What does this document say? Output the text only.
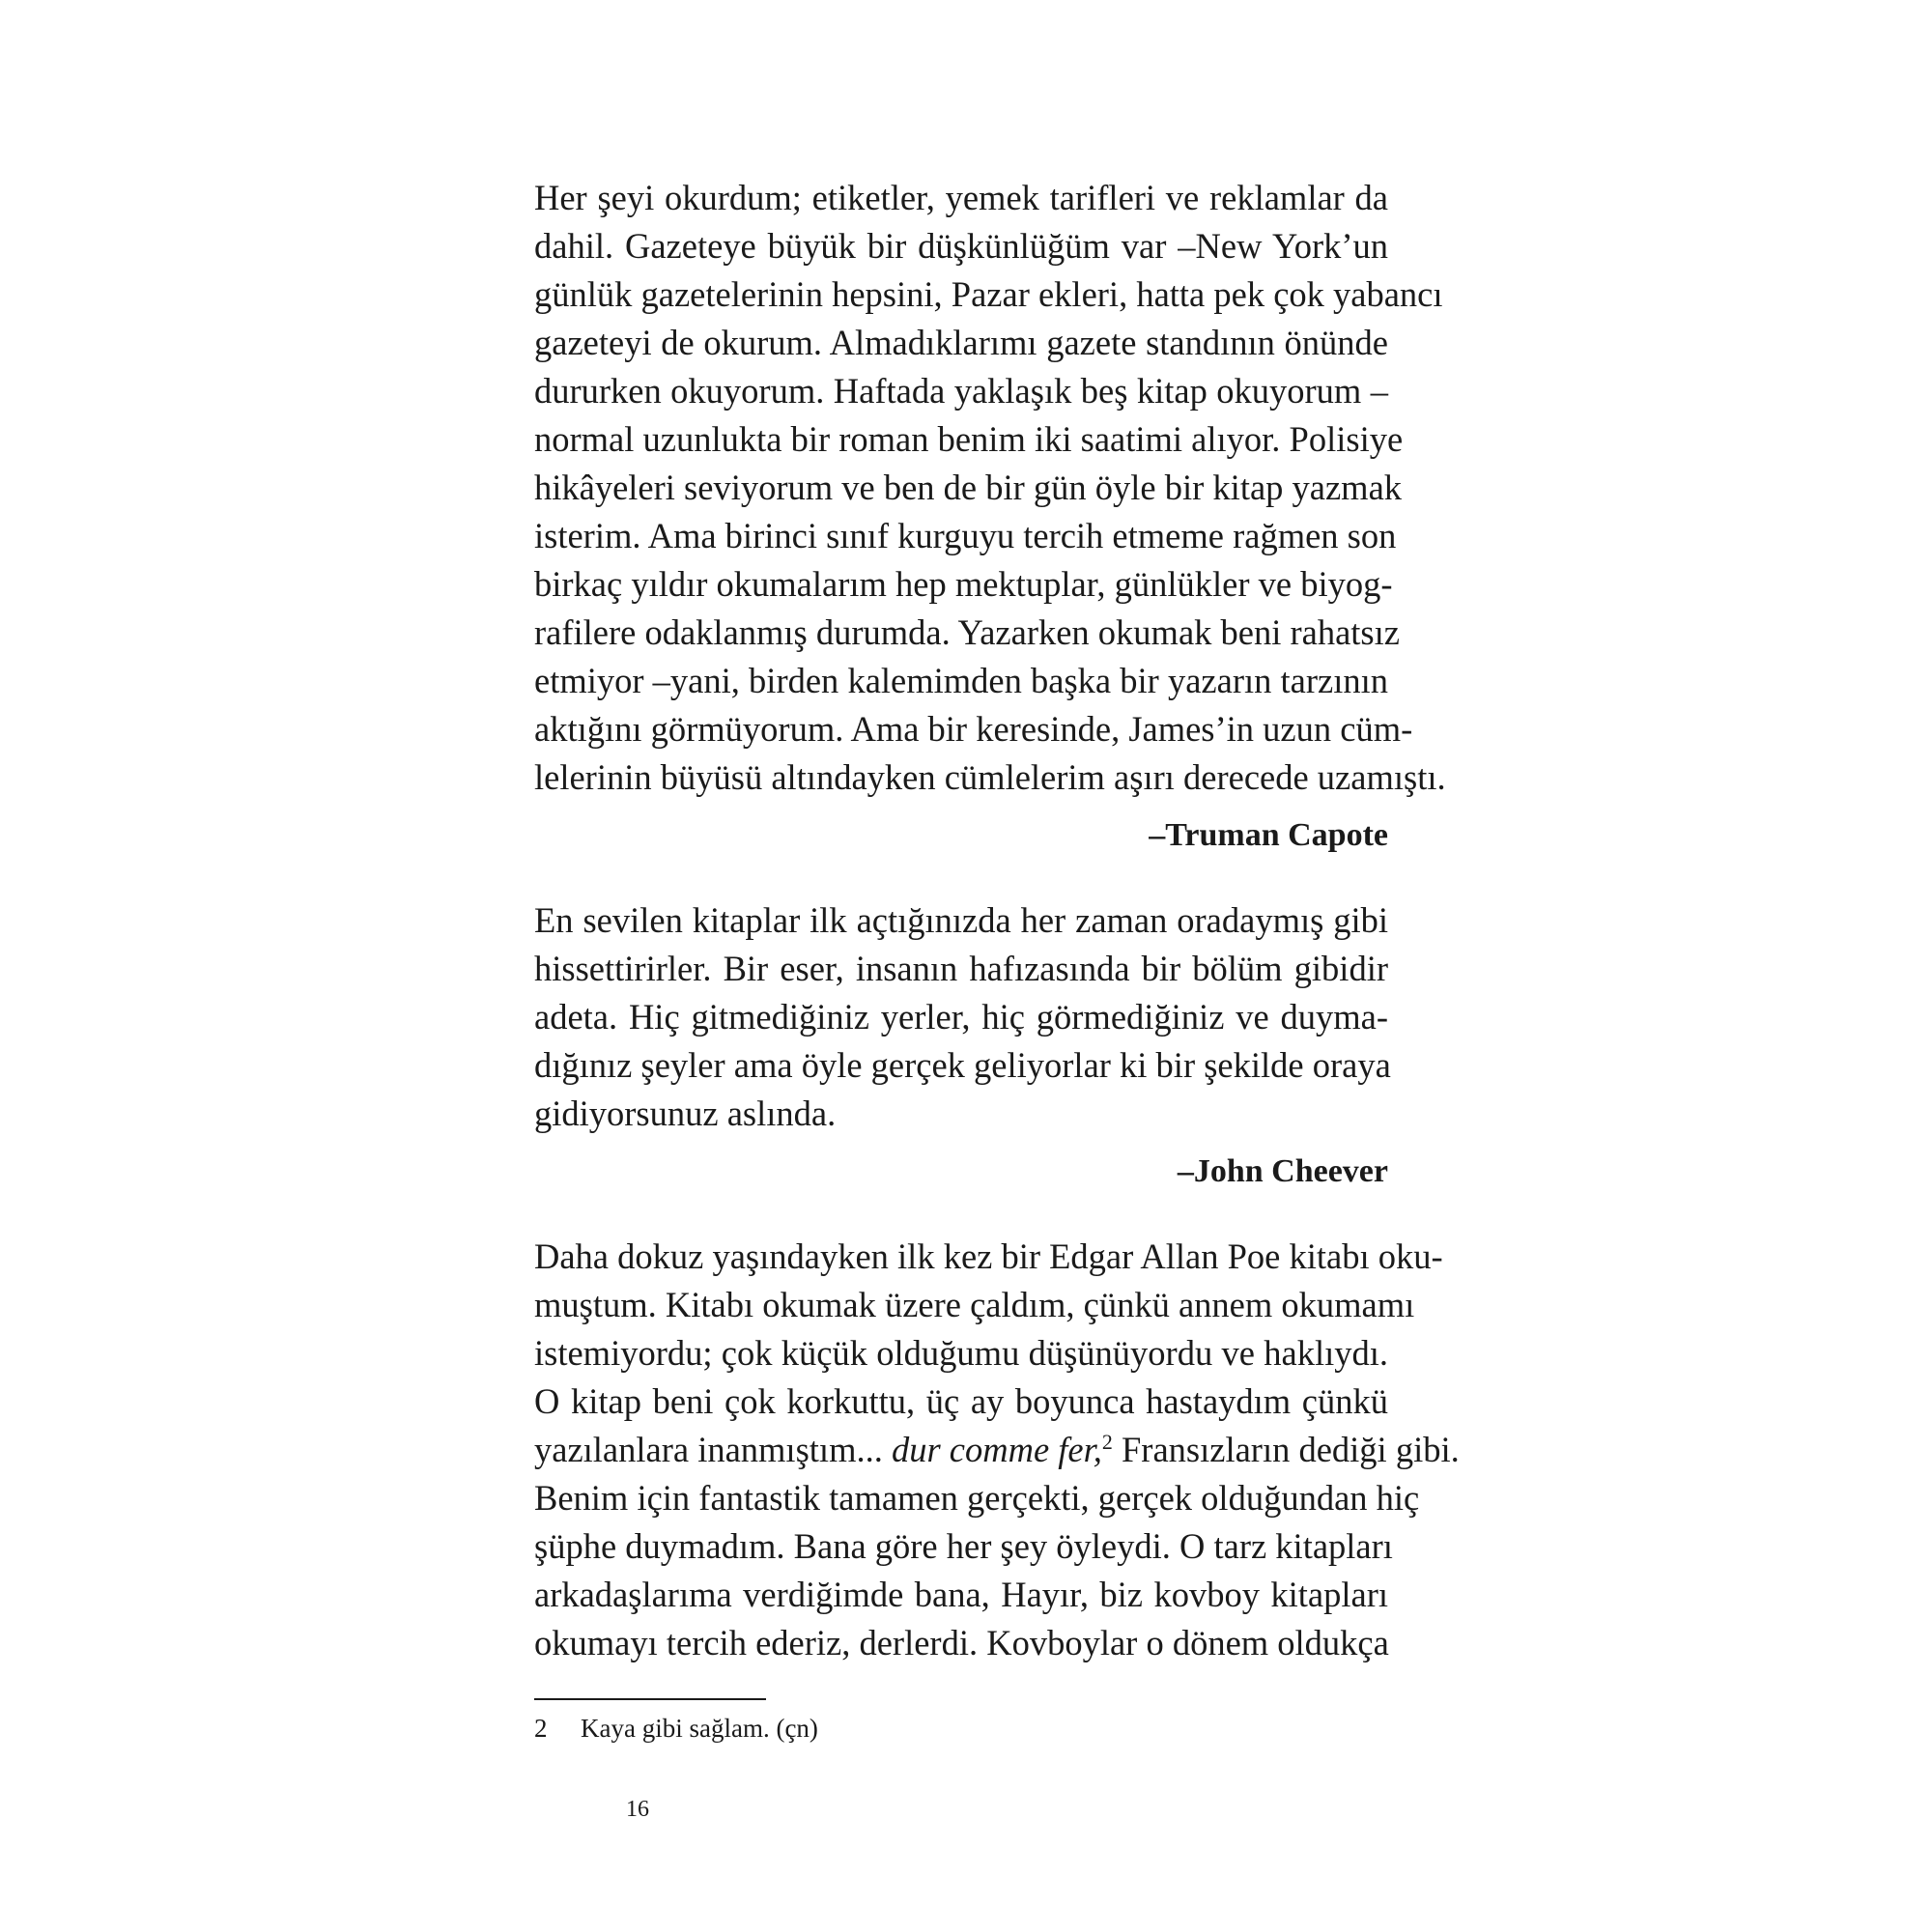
Her şeyi okurdum; etiketler, yemek tarifleri ve reklamlar da
dahil. Gazeteye büyük bir düşkünlüğüm var –New York’un
günlük gazetelerinin hepsini, Pazar ekleri, hatta pek çok yabancı
gazeteyi de okurum. Almadıklarımı gazete standının önünde
dururken okuyorum. Haftada yaklaşık beş kitap okuyorum –
normal uzunlukta bir roman benim iki saatimi alıyor. Polisiye
hikâyeleri seviyorum ve ben de bir gün öyle bir kitap yazmak
isterim. Ama birinci sınıf kurguyu tercih etmeme rağmen son
birkaç yıldır okumalarım hep mektuplar, günlükler ve biyog-
rafilere odaklanmış durumda. Yazarken okumak beni rahatsız
etmiyor –yani, birden kalemimden başka bir yazarın tarzının
aktığını görmüyorum. Ama bir keresinde, James’in uzun cüm-
lelerinin büyüsü altındayken cümlelerim aşırı derecede uzamıştı.
–Truman Capote
En sevilen kitaplar ilk açtığınızda her zaman oradaymış gibi
hissettirirler. Bir eser, insanın hafızasında bir bölüm gibidir
adeta. Hiç gitmediğiniz yerler, hiç görmediğiniz ve duyma-
dığınız şeyler ama öyle gerçek geliyorlar ki bir şekilde oraya
gidiyorsunuz aslında.
–John Cheever
Daha dokuz yaşındayken ilk kez bir Edgar Allan Poe kitabı oku-
muştum. Kitabı okumak üzere çaldım, çünkü annem okumamı
istemiyordu; çok küçük olduğumu düşünüyordu ve haklıydı.
O kitap beni çok korkuttu, üç ay boyunca hastaydım çünkü
yazılanlara inanmıştım... dur comme fer,$^2$ Fransızların dediği gibi.
Benim için fantastik tamamen gerçekti, gerçek olduğundan hiç
şüphe duymadım. Bana göre her şey öyleydi. O tarz kitapları
arkadaşlarıma verdiğimde bana, Hayır, biz kovboy kitapları
okumayı tercih ederiz, derlerdi. Kovboylar o dönem oldukça
2 Kaya gibi sağlam. (çn)
16
